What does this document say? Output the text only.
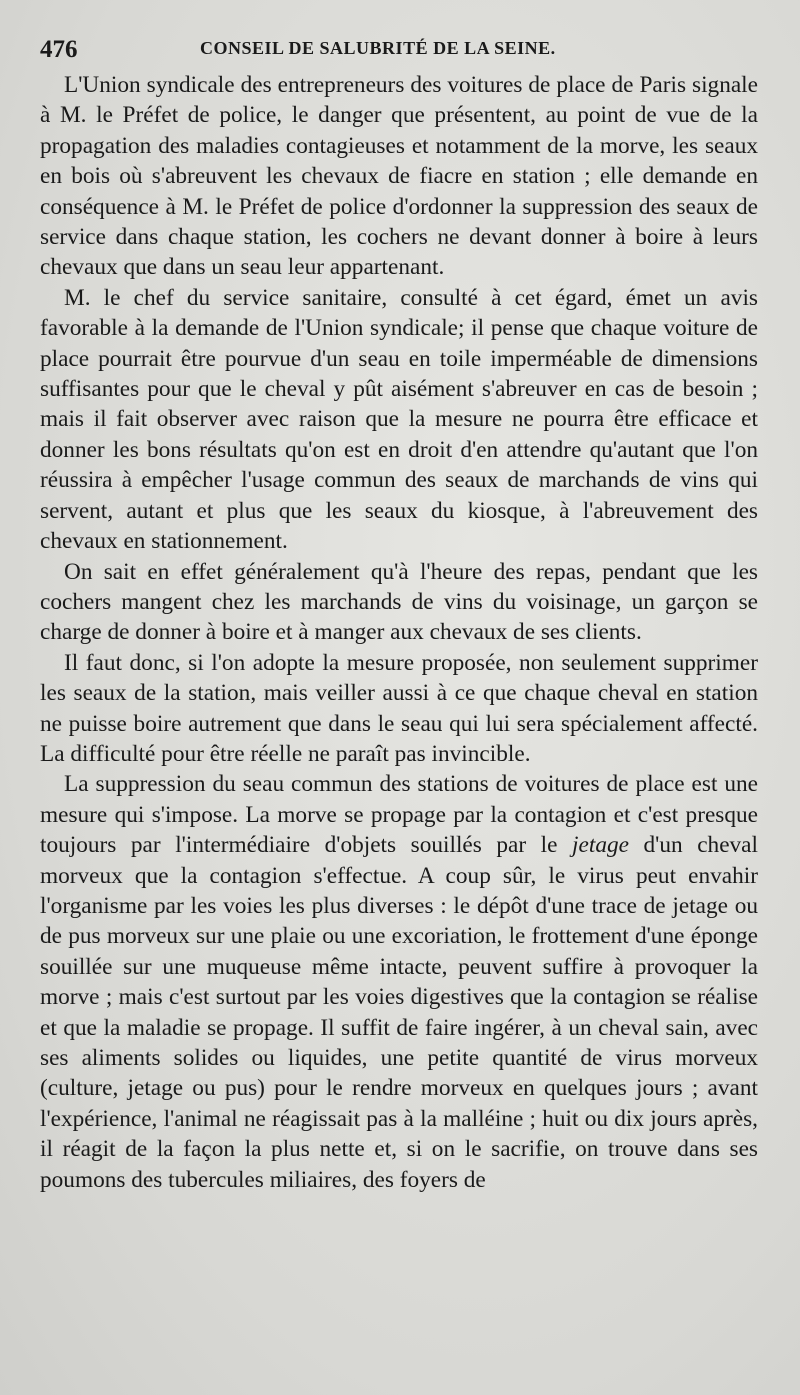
476	CONSEIL DE SALUBRITÉ DE LA SEINE.

L'Union syndicale des entrepreneurs des voitures de place de Paris signale à M. le Préfet de police, le danger que présentent, au point de vue de la propagation des maladies contagieuses et notamment de la morve, les seaux en bois où s'abreuvent les chevaux de fiacre en station ; elle demande en conséquence à M. le Préfet de police d'ordonner la suppression des seaux de service dans chaque station, les cochers ne devant donner à boire à leurs chevaux que dans un seau leur appartenant.

M. le chef du service sanitaire, consulté à cet égard, émet un avis favorable à la demande de l'Union syndicale; il pense que chaque voiture de place pourrait être pourvue d'un seau en toile imperméable de dimensions suffisantes pour que le cheval y pût aisément s'abreuver en cas de besoin ; mais il fait observer avec raison que la mesure ne pourra être efficace et donner les bons résultats qu'on est en droit d'en attendre qu'autant que l'on réussira à empêcher l'usage commun des seaux de marchands de vins qui servent, autant et plus que les seaux du kiosque, à l'abreuvement des chevaux en stationnement.

On sait en effet généralement qu'à l'heure des repas, pendant que les cochers mangent chez les marchands de vins du voisinage, un garçon se charge de donner à boire et à manger aux chevaux de ses clients.

Il faut donc, si l'on adopte la mesure proposée, non seulement supprimer les seaux de la station, mais veiller aussi à ce que chaque cheval en station ne puisse boire autrement que dans le seau qui lui sera spécialement affecté. La difficulté pour être réelle ne paraît pas invincible.

La suppression du seau commun des stations de voitures de place est une mesure qui s'impose. La morve se propage par la contagion et c'est presque toujours par l'intermédiaire d'objets souillés par le jetage d'un cheval morveux que la contagion s'effectue. A coup sûr, le virus peut envahir l'organisme par les voies les plus diverses : le dépôt d'une trace de jetage ou de pus morveux sur une plaie ou une excoriation, le frottement d'une éponge souillée sur une muqueuse même intacte, peuvent suffire à provoquer la morve ; mais c'est surtout par les voies digestives que la contagion se réalise et que la maladie se propage. Il suffit de faire ingérer, à un cheval sain, avec ses aliments solides ou liquides, une petite quantité de virus morveux (culture, jetage ou pus) pour le rendre morveux en quelques jours ; avant l'expérience, l'animal ne réagissait pas à la malléine ; huit ou dix jours après, il réagit de la façon la plus nette et, si on le sacrifie, on trouve dans ses poumons des tubercules miliaires, des foyers de
